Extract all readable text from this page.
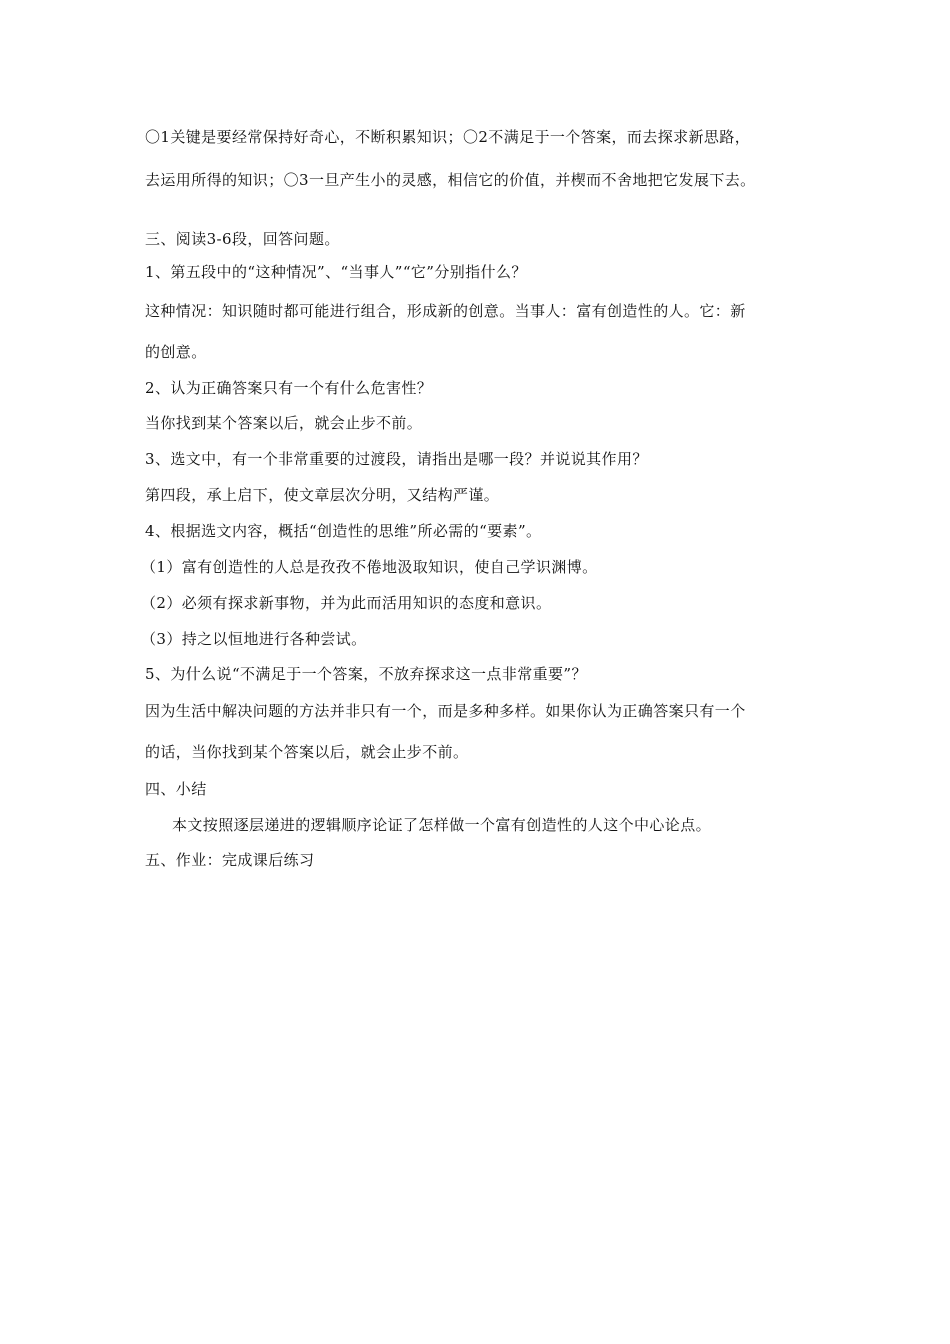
〇1关键是要经常保持好奇心，不断积累知识；〇2不满足于一个答案，而去探求新思路，
去运用所得的知识；〇3一旦产生小的灵感，相信它的价值，并楔而不舍地把它发展下去。
三、阅读3-6段，回答问题。
1、第五段中的“这种情况”、“当事人”“它”分别指什么？
这种情况：知识随时都可能进行组合，形成新的创意。当事人：富有创造性的人。它：新
的创意。
2、认为正确答案只有一个有什么危害性？
当你找到某个答案以后，就会止步不前。
3、选文中，有一个非常重要的过渡段，请指出是哪一段？并说说其作用？
第四段，承上启下，使文章层次分明，又结构严谨。
4、根据选文内容，概括“创造性的思维”所必需的“要素”。
（1）富有创造性的人总是孜孜不倦地汲取知识，使自己学识渊博。
（2）必须有探求新事物，并为此而活用知识的态度和意识。
（3）持之以恒地进行各种尝试。
5、为什么说“不满足于一个答案，不放弃探求这一点非常重要”？
因为生活中解决问题的方法并非只有一个，而是多种多样。如果你认为正确答案只有一个
的话，当你找到某个答案以后，就会止步不前。
四、小结
本文按照逐层递进的逻辑顺序论证了怎样做一个富有创造性的人这个中心论点。
五、作业：完成课后练习
